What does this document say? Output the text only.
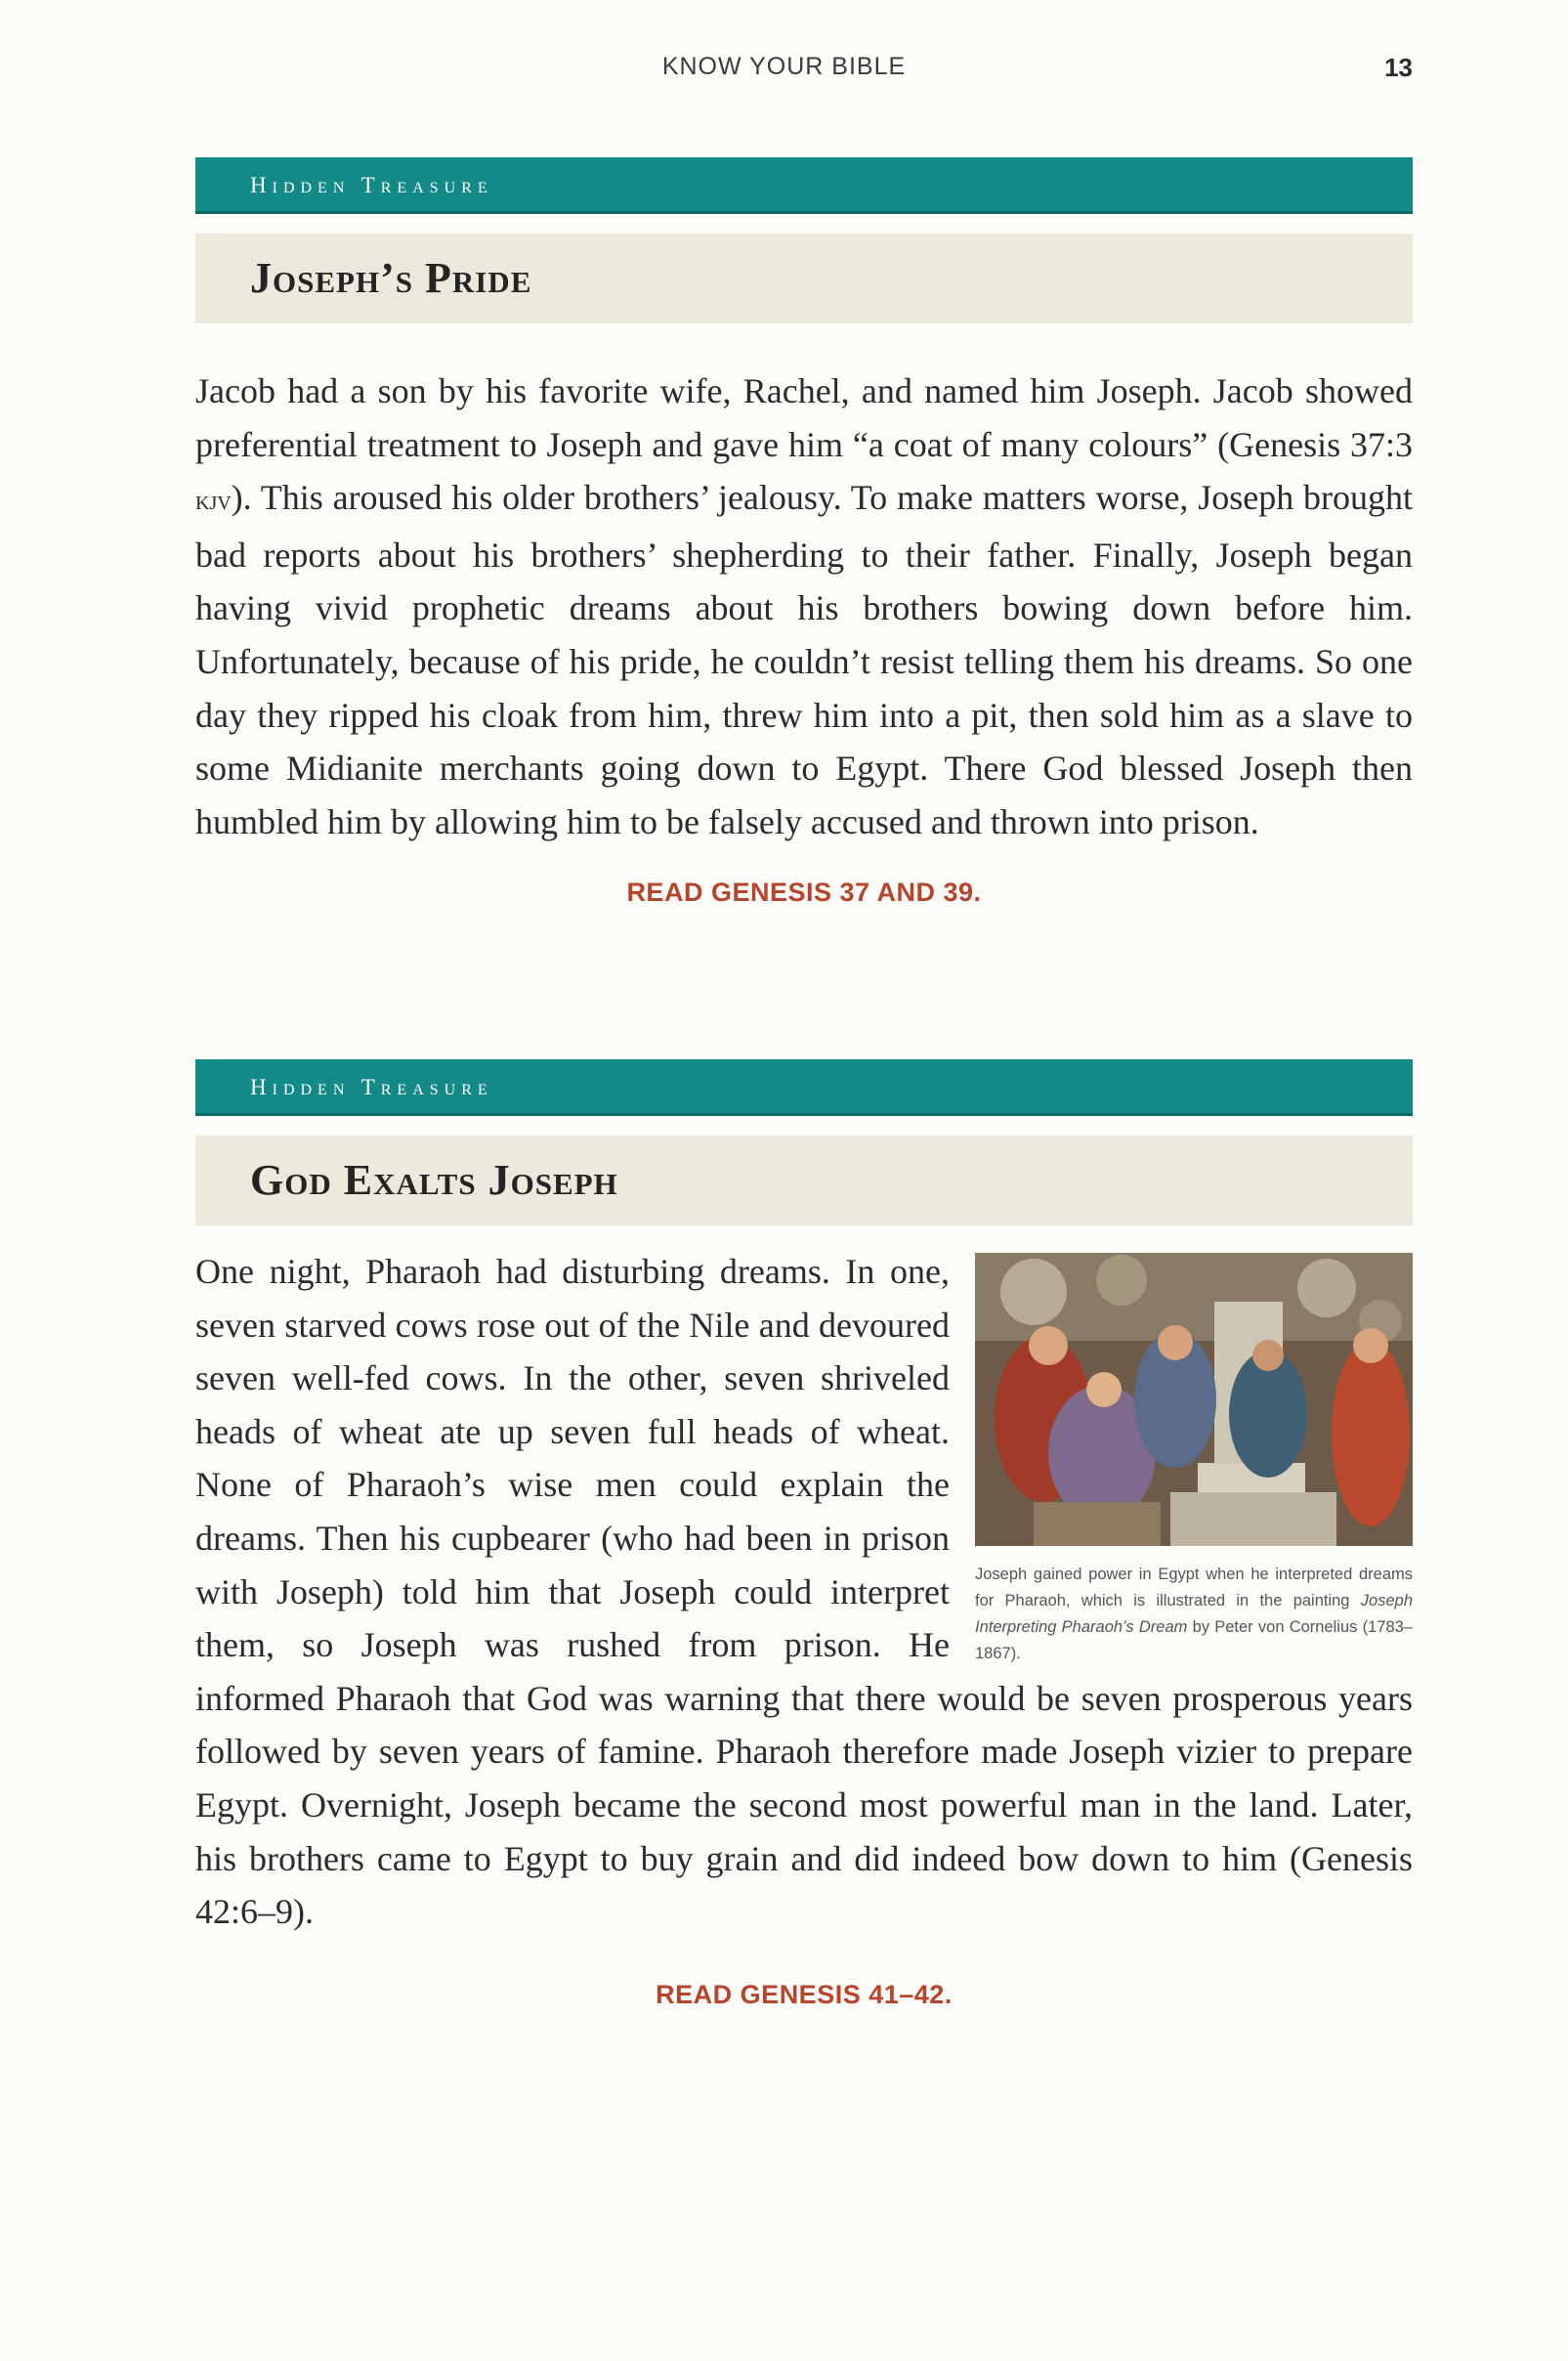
KNOW YOUR BIBLE	13
Hidden Treasure
Joseph’s Pride
Jacob had a son by his favorite wife, Rachel, and named him Joseph. Jacob showed preferential treatment to Joseph and gave him “a coat of many colours” (Genesis 37:3 kjv). This aroused his older brothers’ jealousy. To make matters worse, Joseph brought bad reports about his brothers’ shepherding to their father. Finally, Joseph began having vivid prophetic dreams about his brothers bowing down before him. Unfortunately, because of his pride, he couldn’t resist telling them his dreams. So one day they ripped his cloak from him, threw him into a pit, then sold him as a slave to some Midianite merchants going down to Egypt. There God blessed Joseph then humbled him by allowing him to be falsely accused and thrown into prison.
READ GENESIS 37 AND 39.
Hidden Treasure
God Exalts Joseph
Joseph gained power in Egypt when he interpreted dreams for Pharaoh, which is illustrated in the painting Joseph Interpreting Pharaoh’s Dream by Peter von Cornelius (1783–1867).
One night, Pharaoh had disturbing dreams. In one, seven starved cows rose out of the Nile and devoured seven well-fed cows. In the other, seven shriveled heads of wheat ate up seven full heads of wheat. None of Pharaoh’s wise men could explain the dreams. Then his cupbearer (who had been in prison with Joseph) told him that Joseph could interpret them, so Joseph was rushed from prison. He informed Pharaoh that God was warning that there would be seven prosperous years followed by seven years of famine. Pharaoh therefore made Joseph vizier to prepare Egypt. Overnight, Joseph became the second most powerful man in the land. Later, his brothers came to Egypt to buy grain and did indeed bow down to him (Genesis 42:6–9).
READ GENESIS 41–42.
